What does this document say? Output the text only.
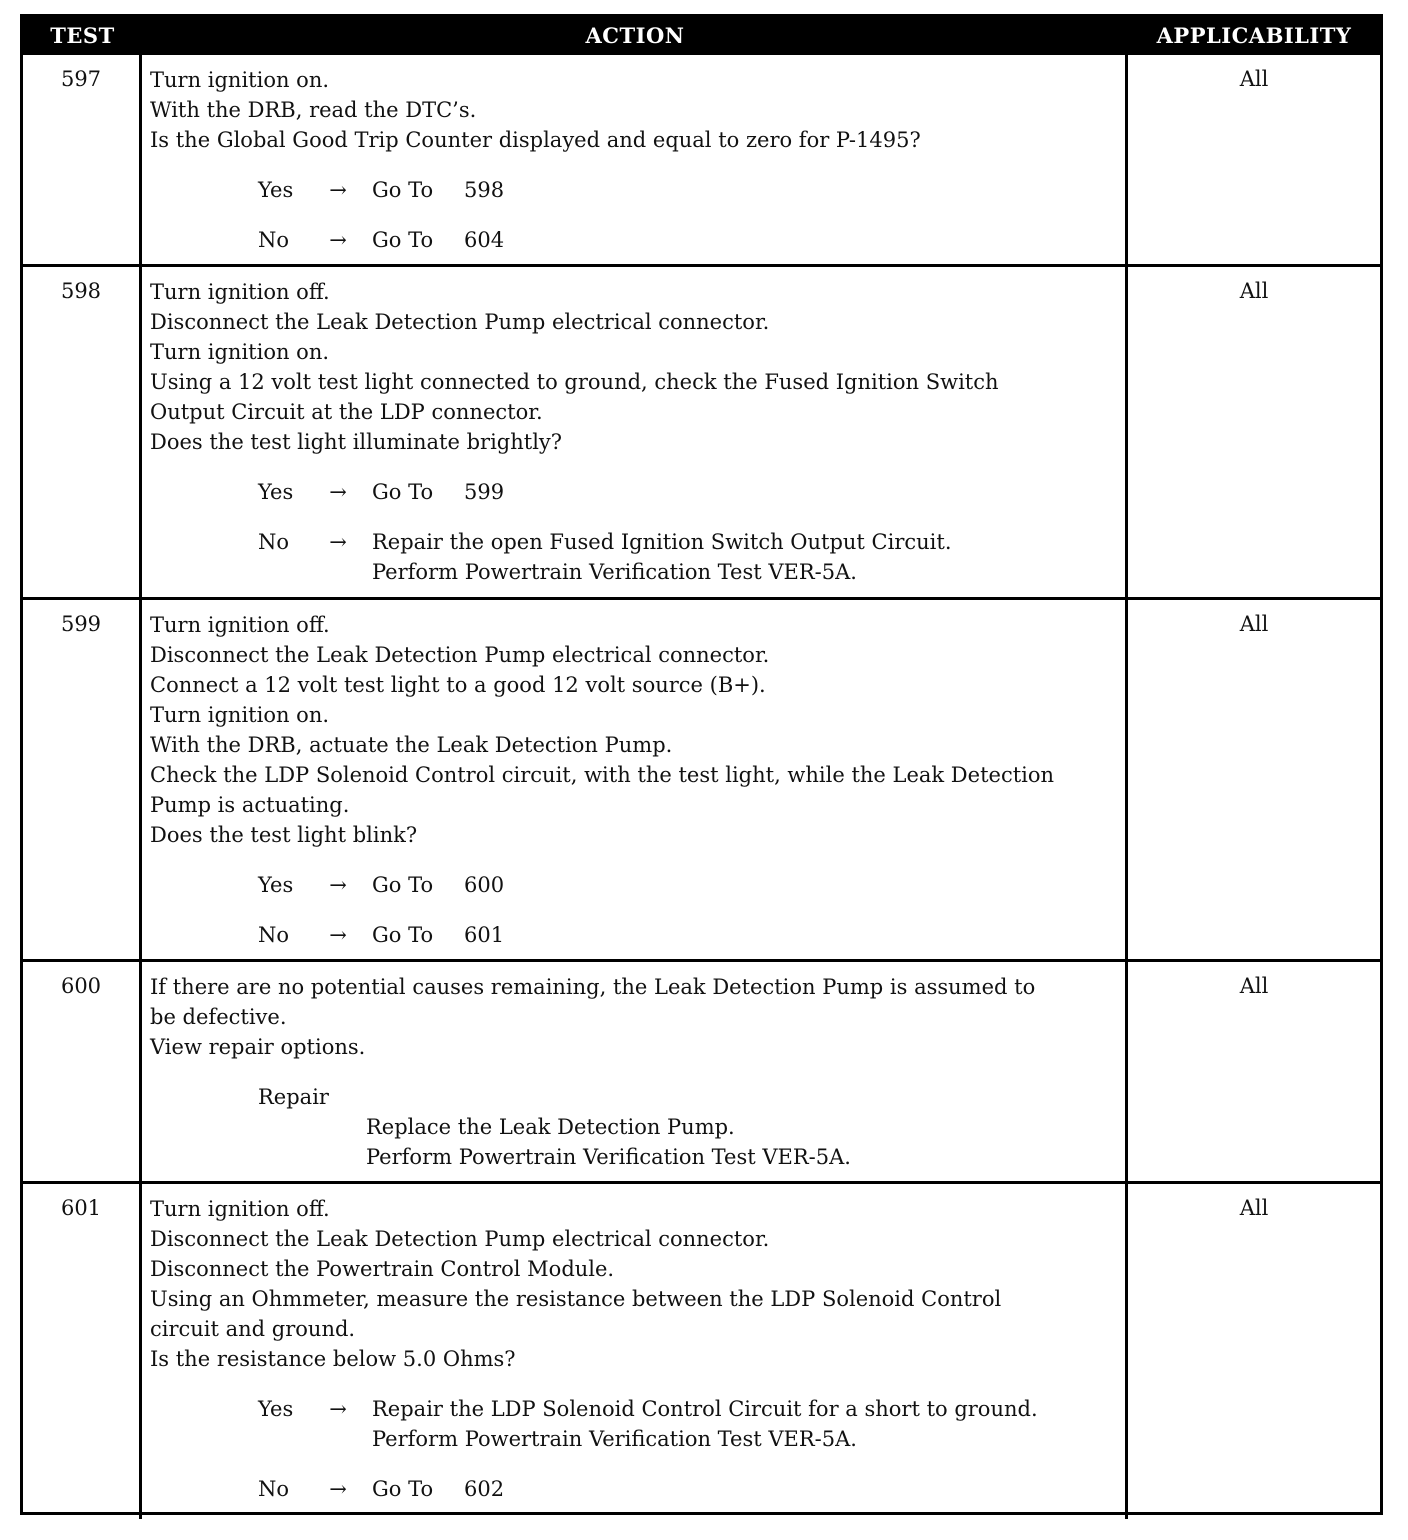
TEST	ACTION	APPLICABILITY
597	Turn ignition on.
With the DRB, read the DTC’s.
Is the Global Good Trip Counter displayed and equal to zero for P-1495?
Yes	→	Go To 598
No	→	Go To 604
All
598	Turn ignition off.
Disconnect the Leak Detection Pump electrical connector.
Turn ignition on.
Using a 12 volt test light connected to ground, check the Fused Ignition Switch
Output Circuit at the LDP connector.
Does the test light illuminate brightly?
Yes	→	Go To 599
No	→	Repair the open Fused Ignition Switch Output Circuit.
Perform Powertrain Verification Test VER-5A.
All
599	Turn ignition off.
Disconnect the Leak Detection Pump electrical connector.
Connect a 12 volt test light to a good 12 volt source (B+).
Turn ignition on.
With the DRB, actuate the Leak Detection Pump.
Check the LDP Solenoid Control circuit, with the test light, while the Leak Detection
Pump is actuating.
Does the test light blink?
Yes	→	Go To 600
No	→	Go To 601
All
600	If there are no potential causes remaining, the Leak Detection Pump is assumed to
be defective.
View repair options.
Repair
Replace the Leak Detection Pump.
Perform Powertrain Verification Test VER-5A.
All
601	Turn ignition off.
Disconnect the Leak Detection Pump electrical connector.
Disconnect the Powertrain Control Module.
Using an Ohmmeter, measure the resistance between the LDP Solenoid Control
circuit and ground.
Is the resistance below 5.0 Ohms?
Yes	→	Repair the LDP Solenoid Control Circuit for a short to ground.
Perform Powertrain Verification Test VER-5A.
No	→	Go To 602
All
